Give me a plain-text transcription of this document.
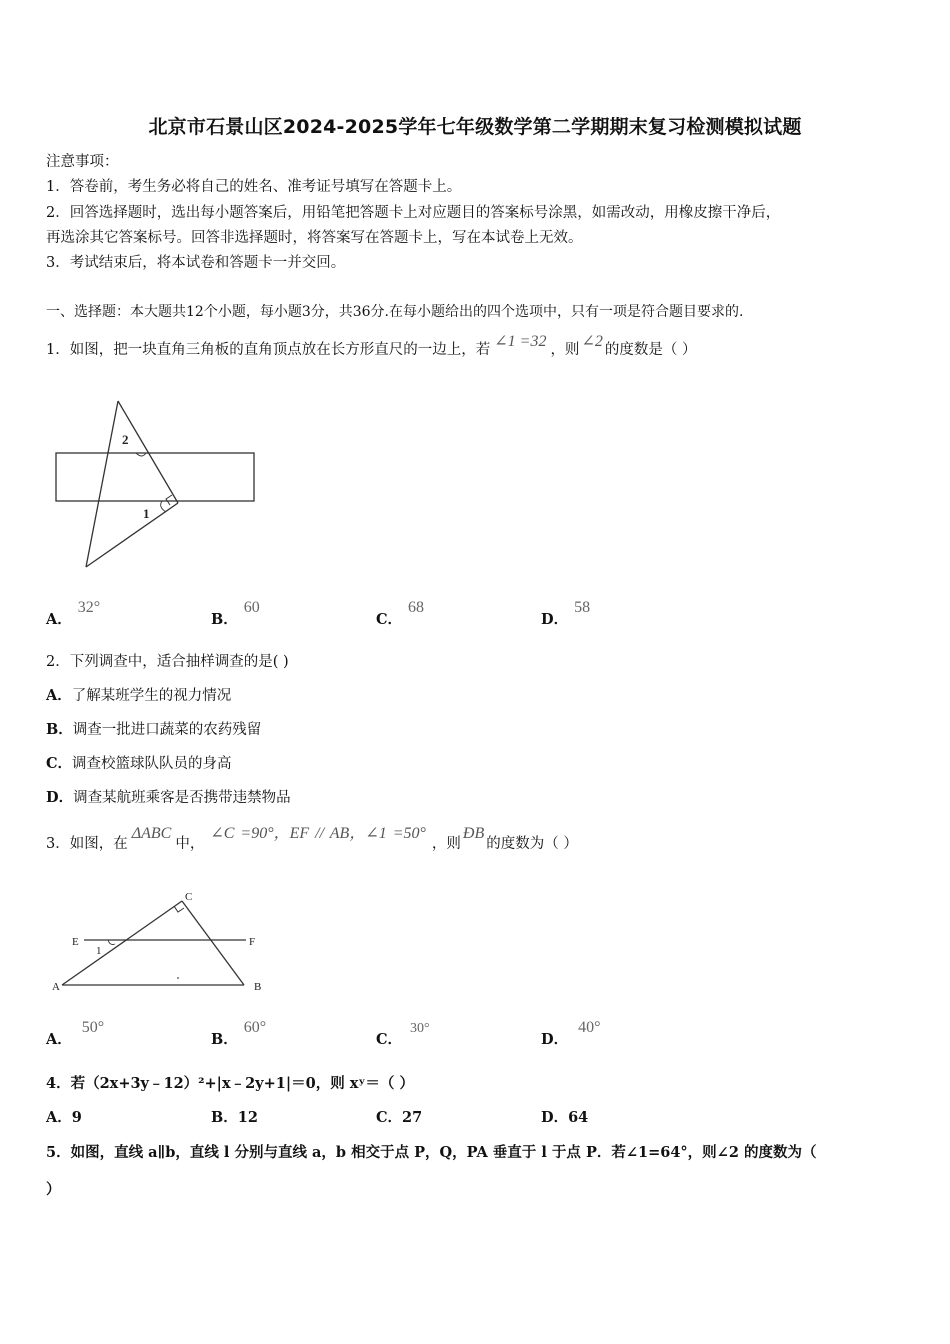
北京市石景山区2024-2025学年七年级数学第二学期期末复习检测模拟试题
注意事项：
1．答卷前，考生务必将自己的姓名、准考证号填写在答题卡上。
2．回答选择题时，选出每小题答案后，用铅笔把答题卡上对应题目的答案标号涂黑，如需改动，用橡皮擦干净后，
再选涂其它答案标号。回答非选择题时，将答案写在答题卡上，写在本试卷上无效。
3．考试结束后，将本试卷和答题卡一并交回。
一、选择题：本大题共12个小题，每小题3分，共36分.在每小题给出的四个选项中，只有一项是符合题目要求的.
1．如图，把一块直角三角板的直角顶点放在长方形直尺的一边上，若 ∠1 =32 ，则 ∠2 的度数是（ ）
2
1
A．32°
B．60
C．68
D．58
2．下列调查中，适合抽样调查的是( )
A．了解某班学生的视力情况
B．调查一批进口蔬菜的农药残留
C．调查校篮球队队员的身高
D．调查某航班乘客是否携带违禁物品
3．如图，在ΔABC中，∠C =90°，EF // AB，∠1 =50°，则ÐB的度数为（ ）
C
E	F
1
A	B
A．50°
B．60°
C．30°
D．40°
4．若（2x+3y﹣12）²+|x﹣2y+1|＝0，则 xʸ＝（ ）
A．9	B．12	C．27	D．64
5．如图，直线 a∥b，直线 l 分别与直线 a，b 相交于点 P，Q，PA 垂直于 l 于点 P．若∠1=64°，则∠2 的度数为（
）
